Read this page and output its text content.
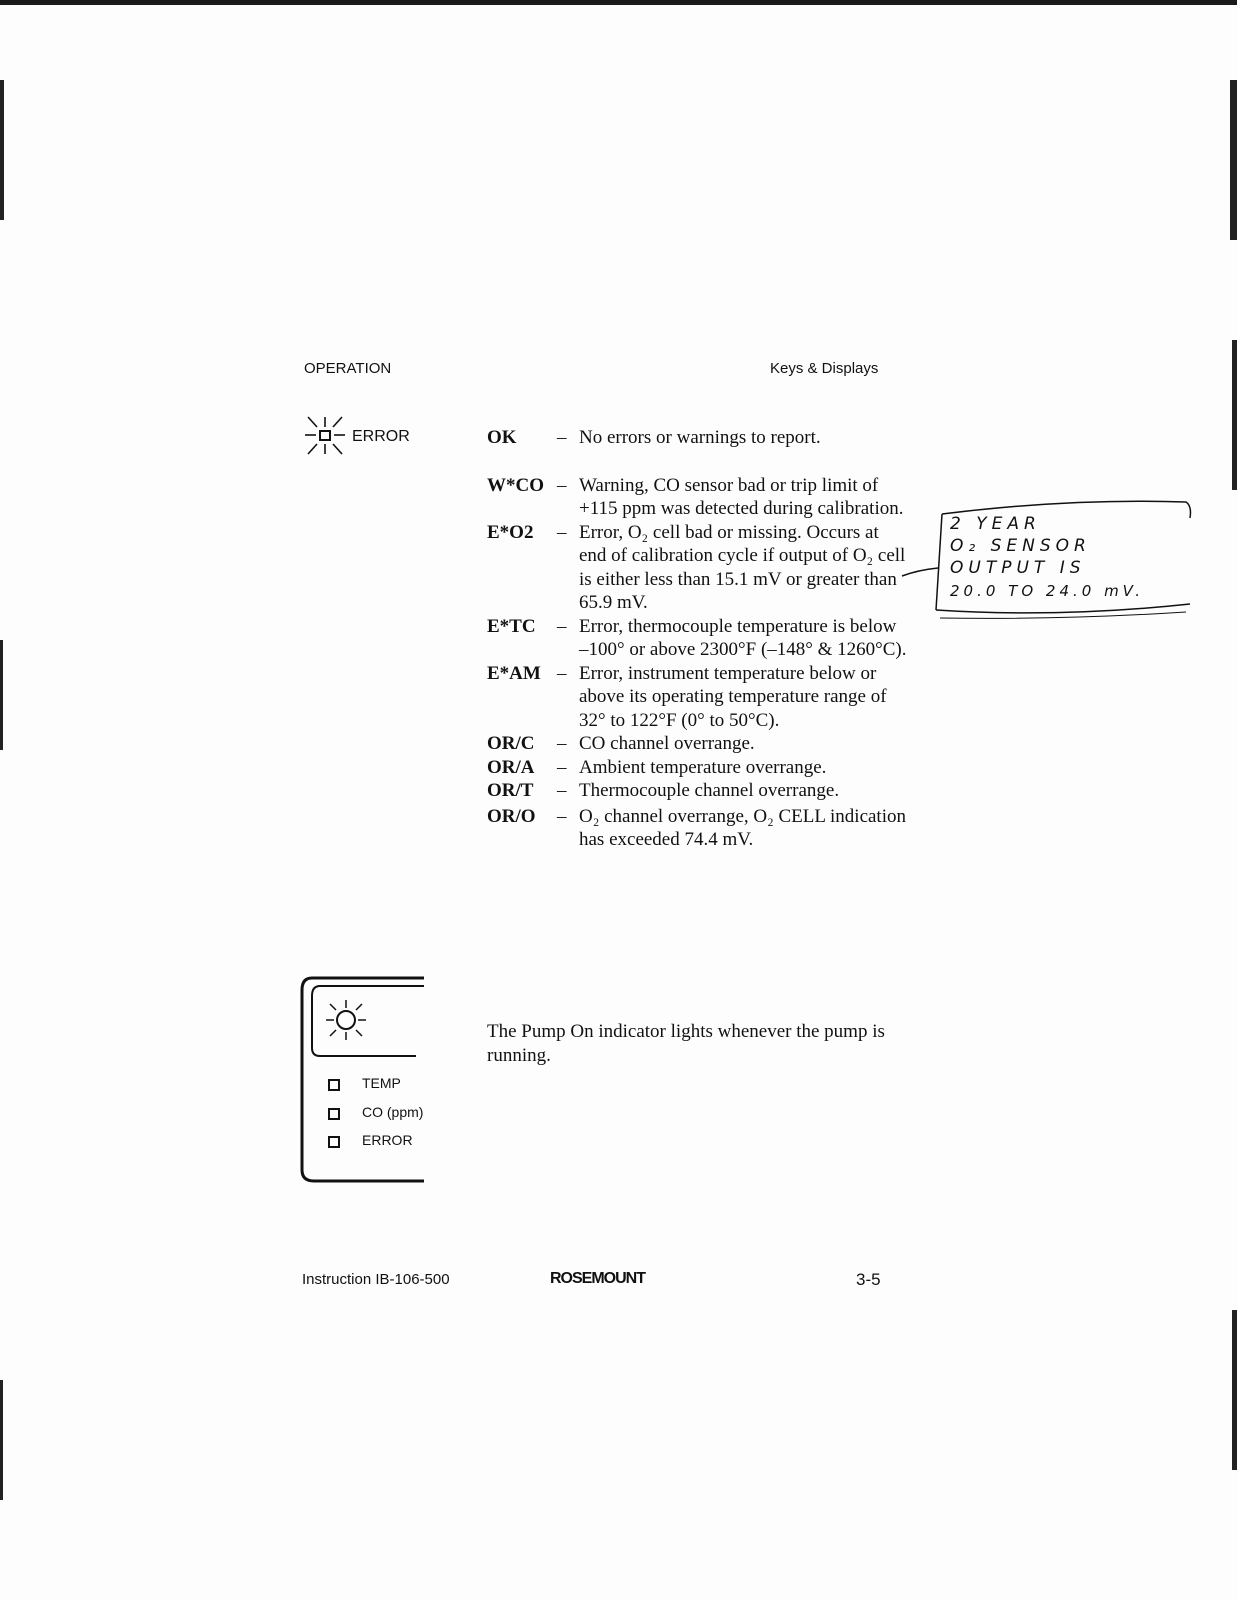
OPERATION	Keys & Displays
ERROR	OK – No errors or warnings to report.
W*CO – Warning, CO sensor bad or trip limit of +115 ppm was detected during calibration.
E*O2 – Error, O₂ cell bad or missing. Occurs at end of calibration cycle if output of O₂ cell is either less than 15.1 mV or greater than 65.9 mV.
E*TC – Error, thermocouple temperature is below –100° or above 2300°F (–148° & 1260°C).
E*AM – Error, instrument temperature below or above its operating temperature range of 32° to 122°F (0° to 50°C).
OR/C – CO channel overrange.
OR/A – Ambient temperature overrange.
OR/T – Thermocouple channel overrange.
OR/O – O₂ channel overrange, O₂ CELL indication has exceeded 74.4 mV.
TEMP
CO (ppm)
ERROR
The Pump On indicator lights whenever the pump is running.
2 YEAR
O₂ SENSOR
OUTPUT IS
20.0 TO 24.0 mV.
Instruction IB-106-500	ROSEMOUNT	3-5
